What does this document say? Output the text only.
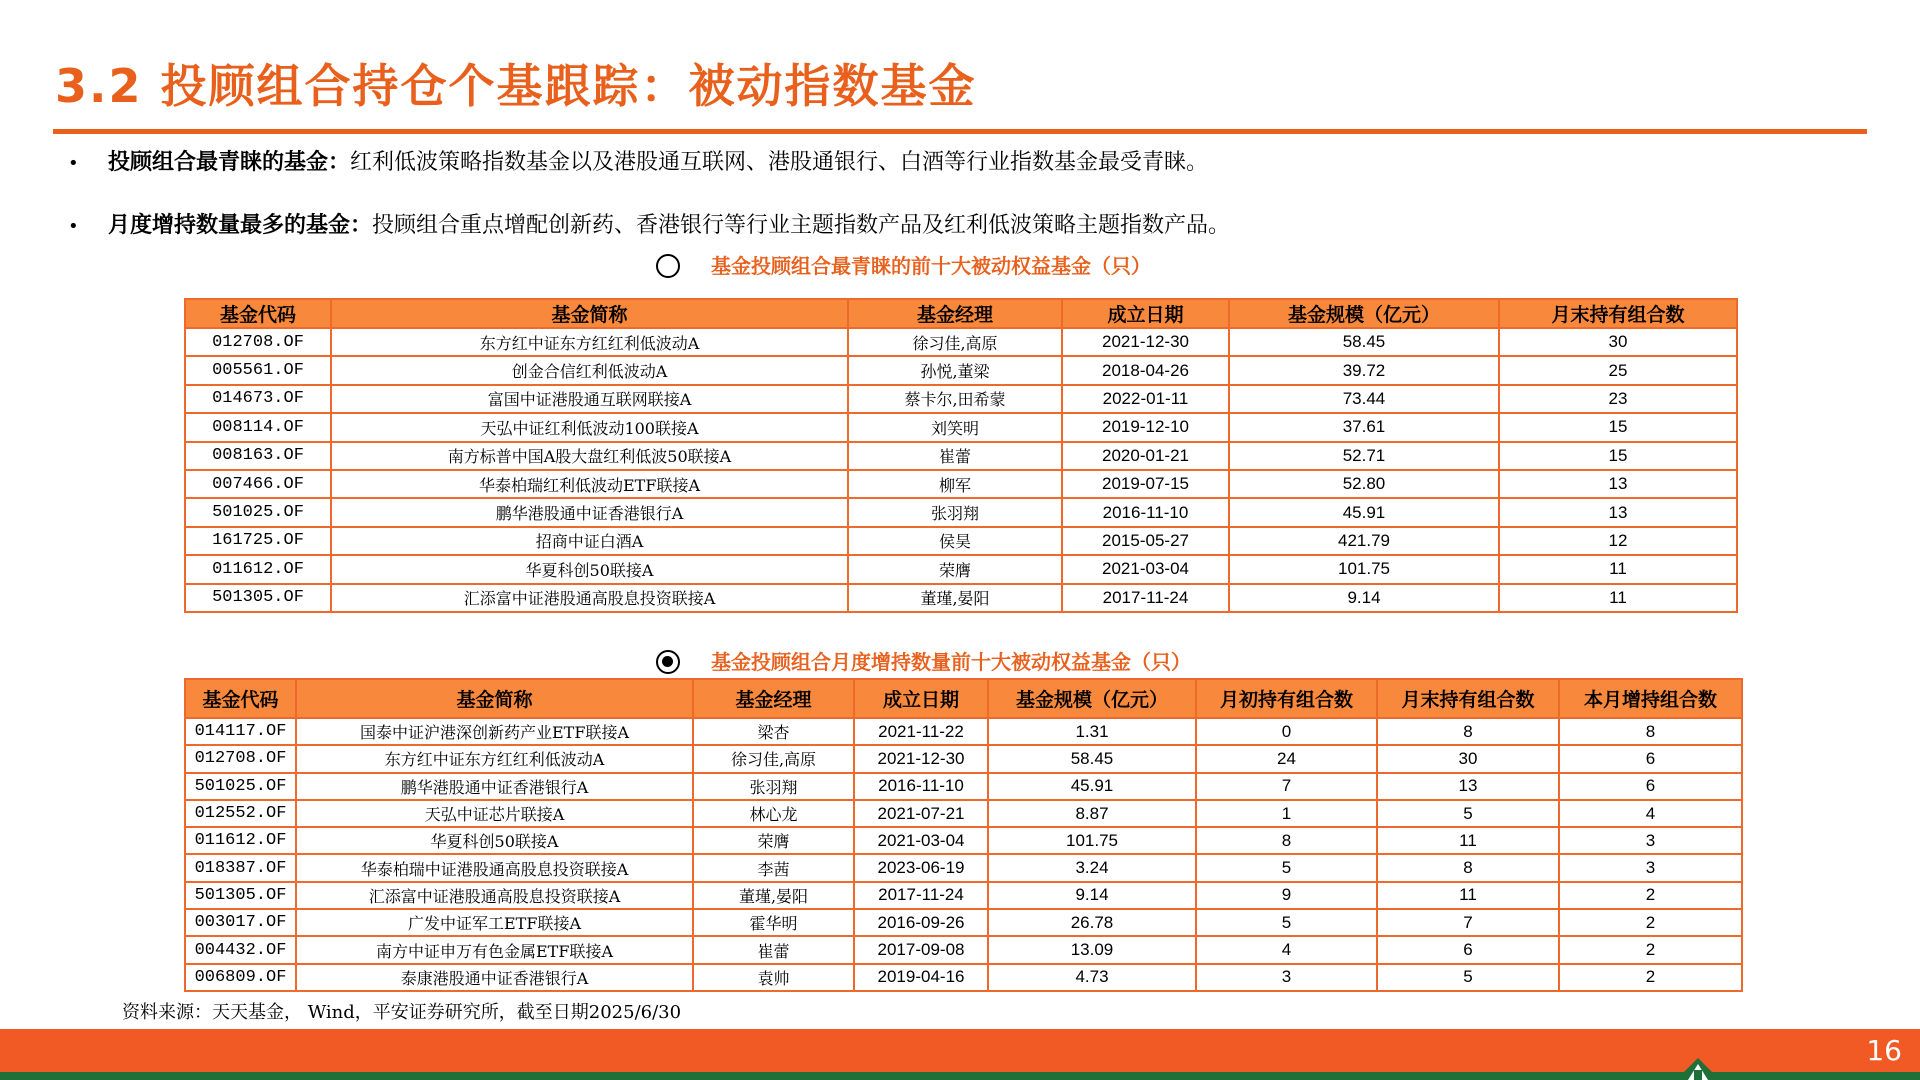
3.2 投顾组合持仓个基跟踪：被动指数基金
• 投顾组合最青睐的基金：红利低波策略指数基金以及港股通互联网、港股通银行、白酒等行业指数基金最受青睐。
• 月度增持数量最多的基金：投顾组合重点增配创新药、香港银行等行业主题指数产品及红利低波策略主题指数产品。
基金投顾组合最青睐的前十大被动权益基金（只）
基金代码	基金简称	基金经理	成立日期	基金规模（亿元）	月末持有组合数
012708.OF	东方红中证东方红红利低波动A	徐习佳,高原	2021-12-30	58.45	30
005561.OF	创金合信红利低波动A	孙悦,董梁	2018-04-26	39.72	25
014673.OF	富国中证港股通互联网联接A	蔡卡尔,田希蒙	2022-01-11	73.44	23
008114.OF	天弘中证红利低波动100联接A	刘笑明	2019-12-10	37.61	15
008163.OF	南方标普中国A股大盘红利低波50联接A	崔蕾	2020-01-21	52.71	15
007466.OF	华泰柏瑞红利低波动ETF联接A	柳军	2019-07-15	52.80	13
501025.OF	鹏华港股通中证香港银行A	张羽翔	2016-11-10	45.91	13
161725.OF	招商中证白酒A	侯昊	2015-05-27	421.79	12
011612.OF	华夏科创50联接A	荣膺	2021-03-04	101.75	11
501305.OF	汇添富中证港股通高股息投资联接A	董瑾,晏阳	2017-11-24	9.14	11
基金投顾组合月度增持数量前十大被动权益基金（只）
基金代码	基金简称	基金经理	成立日期	基金规模（亿元）	月初持有组合数	月末持有组合数	本月增持组合数
014117.OF	国泰中证沪港深创新药产业ETF联接A	梁杏	2021-11-22	1.31	0	8	8
012708.OF	东方红中证东方红红利低波动A	徐习佳,高原	2021-12-30	58.45	24	30	6
501025.OF	鹏华港股通中证香港银行A	张羽翔	2016-11-10	45.91	7	13	6
012552.OF	天弘中证芯片联接A	林心龙	2021-07-21	8.87	1	5	4
011612.OF	华夏科创50联接A	荣膺	2021-03-04	101.75	8	11	3
018387.OF	华泰柏瑞中证港股通高股息投资联接A	李茜	2023-06-19	3.24	5	8	3
501305.OF	汇添富中证港股通高股息投资联接A	董瑾,晏阳	2017-11-24	9.14	9	11	2
003017.OF	广发中证军工ETF联接A	霍华明	2016-09-26	26.78	5	7	2
004432.OF	南方中证申万有色金属ETF联接A	崔蕾	2017-09-08	13.09	4	6	2
006809.OF	泰康港股通中证香港银行A	袁帅	2019-04-16	4.73	3	5	2
资料来源：天天基金， Wind，平安证券研究所，截至日期2025/6/30
16
